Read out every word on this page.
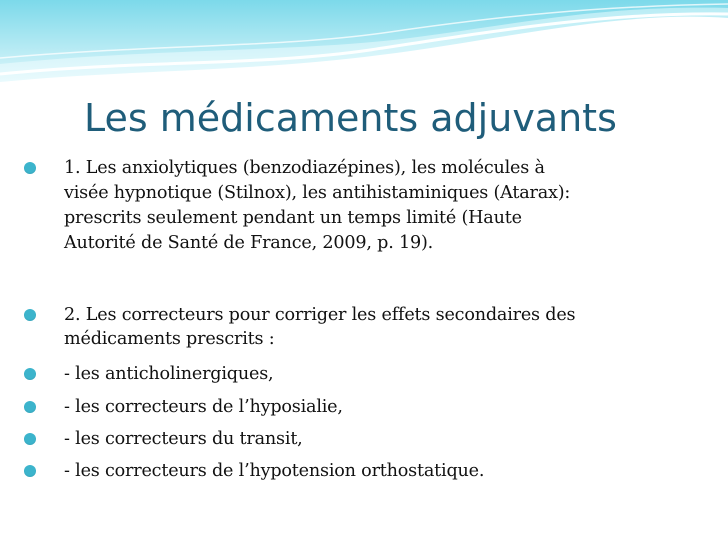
Les médicaments adjuvants
1. Les anxiolytiques (benzodiazépines), les molécules à
visée hypnotique (Stilnox), les antihistaminiques (Atarax):
prescrits seulement pendant un temps limité (Haute
Autorité de Santé de France, 2009, p. 19).
2. Les correcteurs pour corriger les effets secondaires des
médicaments prescrits :
- les anticholinergiques,
- les correcteurs de l’hyposialie,
- les correcteurs du transit,
- les correcteurs de l’hypotension orthostatique.
